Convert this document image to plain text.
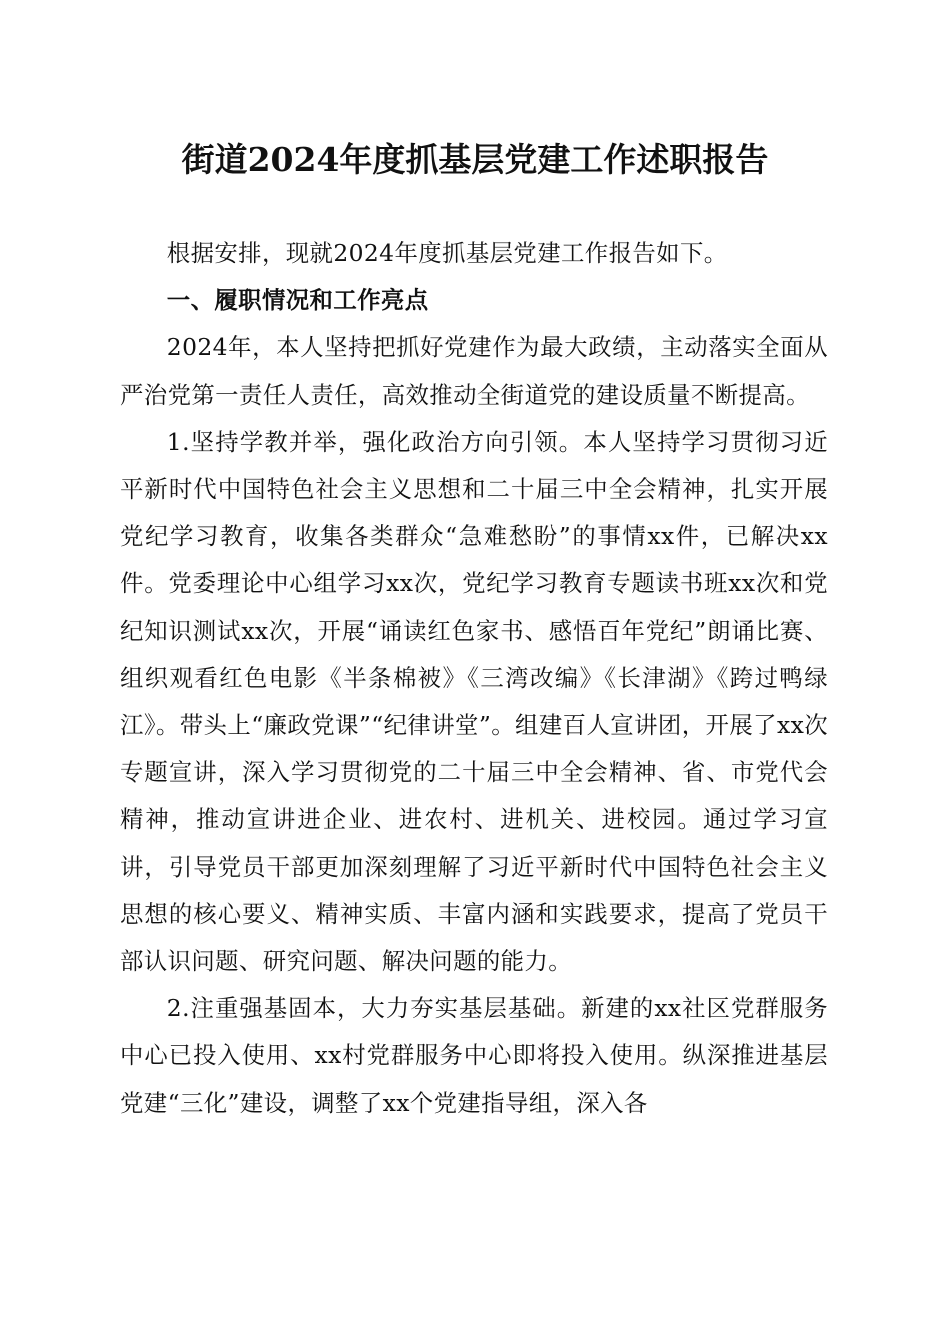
街道2024年度抓基层党建工作述职报告

根据安排，现就2024年度抓基层党建工作报告如下。

一、履职情况和工作亮点

2024年，本人坚持把抓好党建作为最大政绩，主动落实全面从严治党第一责任人责任，高效推动全街道党的建设质量不断提高。

1.坚持学教并举，强化政治方向引领。本人坚持学习贯彻习近平新时代中国特色社会主义思想和二十届三中全会精神，扎实开展党纪学习教育，收集各类群众“急难愁盼”的事情xx件，已解决xx件。党委理论中心组学习xx次，党纪学习教育专题读书班xx次和党纪知识测试xx次，开展“诵读红色家书、感悟百年党纪”朗诵比赛、组织观看红色电影《半条棉被》《三湾改编》《长津湖》《跨过鸭绿江》。带头上“廉政党课”“纪律讲堂”。组建百人宣讲团，开展了xx次专题宣讲，深入学习贯彻党的二十届三中全会精神、省、市党代会精神，推动宣讲进企业、进农村、进机关、进校园。通过学习宣讲，引导党员干部更加深刻理解了习近平新时代中国特色社会主义思想的核心要义、精神实质、丰富内涵和实践要求，提高了党员干部认识问题、研究问题、解决问题的能力。

2.注重强基固本，大力夯实基层基础。新建的xx社区党群服务中心已投入使用、xx村党群服务中心即将投入使用。纵深推进基层党建“三化”建设，调整了xx个党建指导组，深入各
